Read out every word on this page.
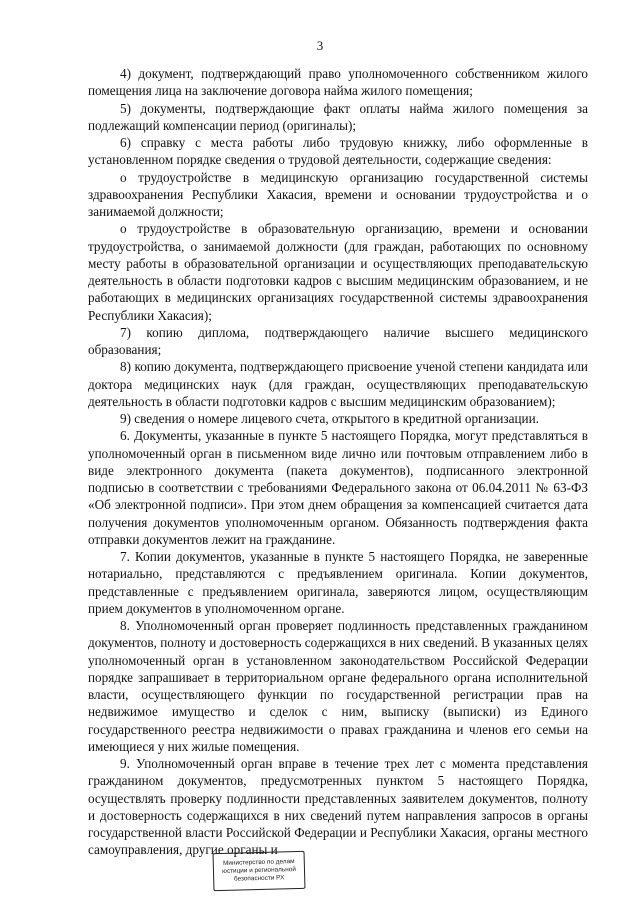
3

4) документ, подтверждающий право уполномоченного собственником жилого помещения лица на заключение договора найма жилого помещения;

5) документы, подтверждающие факт оплаты найма жилого помещения за подлежащий компенсации период (оригиналы);

6) справку с места работы либо трудовую книжку, либо оформленные в установленном порядке сведения о трудовой деятельности, содержащие сведения:

о трудоустройстве в медицинскую организацию государственной системы здравоохранения Республики Хакасия, времени и основании трудоустройства и о занимаемой должности;

о трудоустройстве в образовательную организацию, времени и основании трудоустройства, о занимаемой должности (для граждан, работающих по основному месту работы в образовательной организации и осуществляющих преподавательскую деятельность в области подготовки кадров с высшим медицинским образованием, и не работающих в медицинских организациях государственной системы здравоохранения Республики Хакасия);

7) копию диплома, подтверждающего наличие высшего медицинского образования;

8) копию документа, подтверждающего присвоение ученой степени кандидата или доктора медицинских наук (для граждан, осуществляющих преподавательскую деятельность в области подготовки кадров с высшим медицинским образованием);

9) сведения о номере лицевого счета, открытого в кредитной организации.

6. Документы, указанные в пункте 5 настоящего Порядка, могут представляться в уполномоченный орган в письменном виде лично или почтовым отправлением либо в виде электронного документа (пакета документов), подписанного электронной подписью в соответствии с требованиями Федерального закона от 06.04.2011 № 63-ФЗ «Об электронной подписи». При этом днем обращения за компенсацией считается дата получения документов уполномоченным органом. Обязанность подтверждения факта отправки документов лежит на гражданине.

7. Копии документов, указанные в пункте 5 настоящего Порядка, не заверенные нотариально, представляются с предъявлением оригинала. Копии документов, представленные с предъявлением оригинала, заверяются лицом, осуществляющим прием документов в уполномоченном органе.

8. Уполномоченный орган проверяет подлинность представленных гражданином документов, полноту и достоверность содержащихся в них сведений. В указанных целях уполномоченный орган в установленном законодательством Российской Федерации порядке запрашивает в территориальном органе федерального органа исполнительной власти, осуществляющего функции по государственной регистрации прав на недвижимое имущество и сделок с ним, выписку (выписки) из Единого государственного реестра недвижимости о правах гражданина и членов его семьи на имеющиеся у них жилые помещения.

9. Уполномоченный орган вправе в течение трех лет с момента представления гражданином документов, предусмотренных пунктом 5 настоящего Порядка, осуществлять проверку подлинности представленных заявителем документов, полноту и достоверность содержащихся в них сведений путем направления запросов в органы государственной власти Российской Федерации и Республики Хакасия, органы местного самоуправления, другие органы и

Министерство по делам
юстиции и региональной
безопасности РХ
